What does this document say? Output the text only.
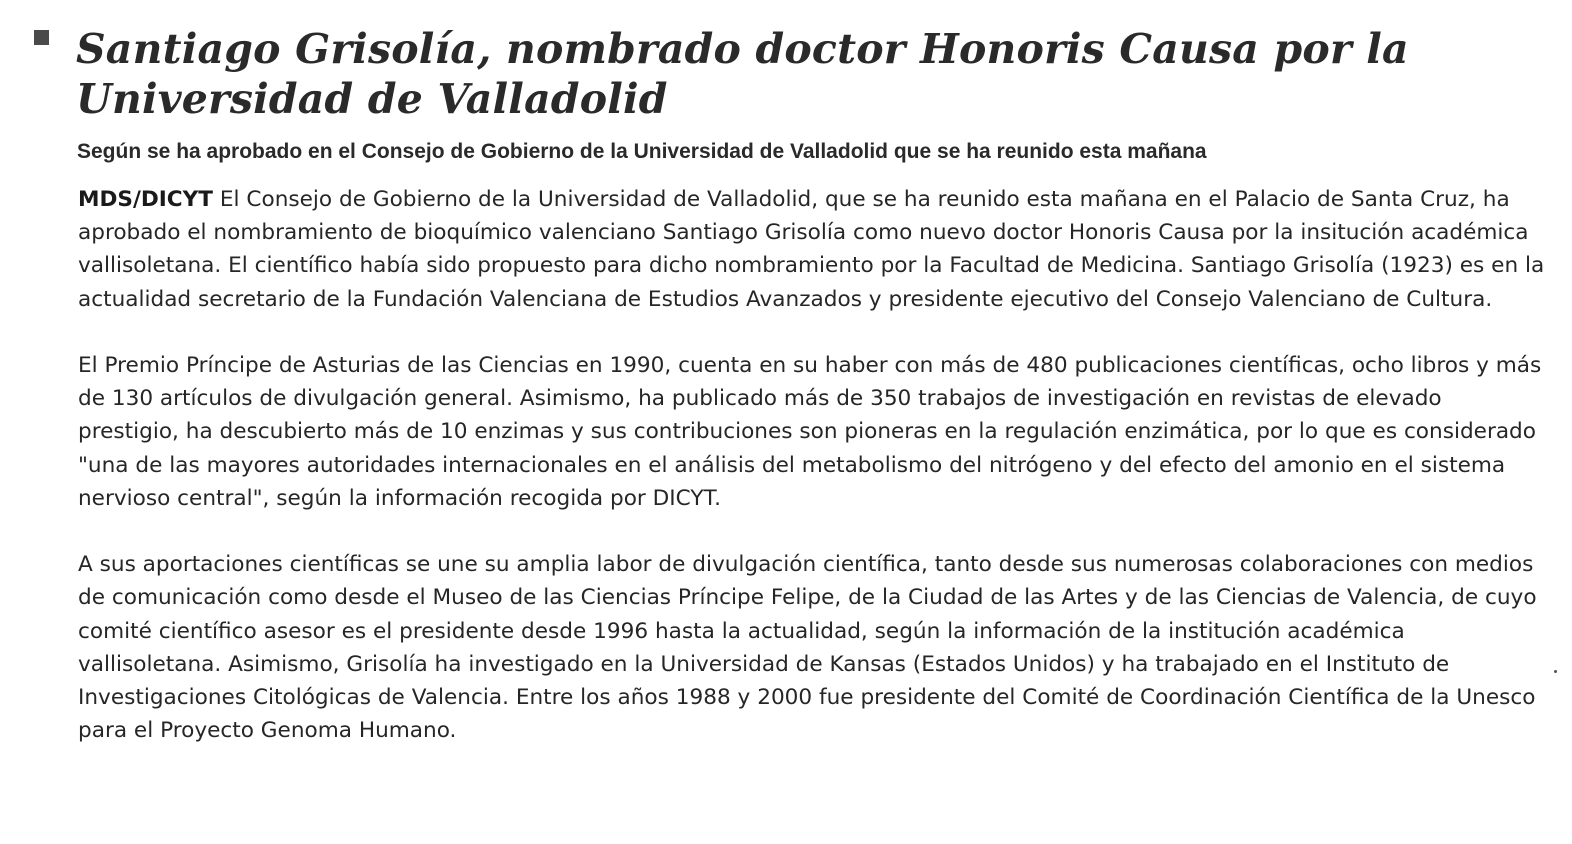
Santiago Grisolía, nombrado doctor Honoris Causa por la Universidad de Valladolid
Según se ha aprobado en el Consejo de Gobierno de la Universidad de Valladolid que se ha reunido esta mañana

MDS/DICYT El Consejo de Gobierno de la Universidad de Valladolid, que se ha reunido esta mañana en el Palacio de Santa Cruz, ha aprobado el nombramiento de bioquímico valenciano Santiago Grisolía como nuevo doctor Honoris Causa por la insitución académica vallisoletana. El científico había sido propuesto para dicho nombramiento por la Facultad de Medicina. Santiago Grisolía (1923) es en la actualidad secretario de la Fundación Valenciana de Estudios Avanzados y presidente ejecutivo del Consejo Valenciano de Cultura.

El Premio Príncipe de Asturias de las Ciencias en 1990, cuenta en su haber con más de 480 publicaciones científicas, ocho libros y más de 130 artículos de divulgación general. Asimismo, ha publicado más de 350 trabajos de investigación en revistas de elevado prestigio, ha descubierto más de 10 enzimas y sus contribuciones son pioneras en la regulación enzimática, por lo que es considerado "una de las mayores autoridades internacionales en el análisis del metabolismo del nitrógeno y del efecto del amonio en el sistema nervioso central", según la información recogida por DICYT.

A sus aportaciones científicas se une su amplia labor de divulgación científica, tanto desde sus numerosas colaboraciones con medios de comunicación como desde el Museo de las Ciencias Príncipe Felipe, de la Ciudad de las Artes y de las Ciencias de Valencia, de cuyo comité científico asesor es el presidente desde 1996 hasta la actualidad, según la información de la institución académica vallisoletana. Asimismo, Grisolía ha investigado en la Universidad de Kansas (Estados Unidos) y ha trabajado en el Instituto de Investigaciones Citológicas de Valencia. Entre los años 1988 y 2000 fue presidente del Comité de Coordinación Científica de la Unesco para el Proyecto Genoma Humano.
